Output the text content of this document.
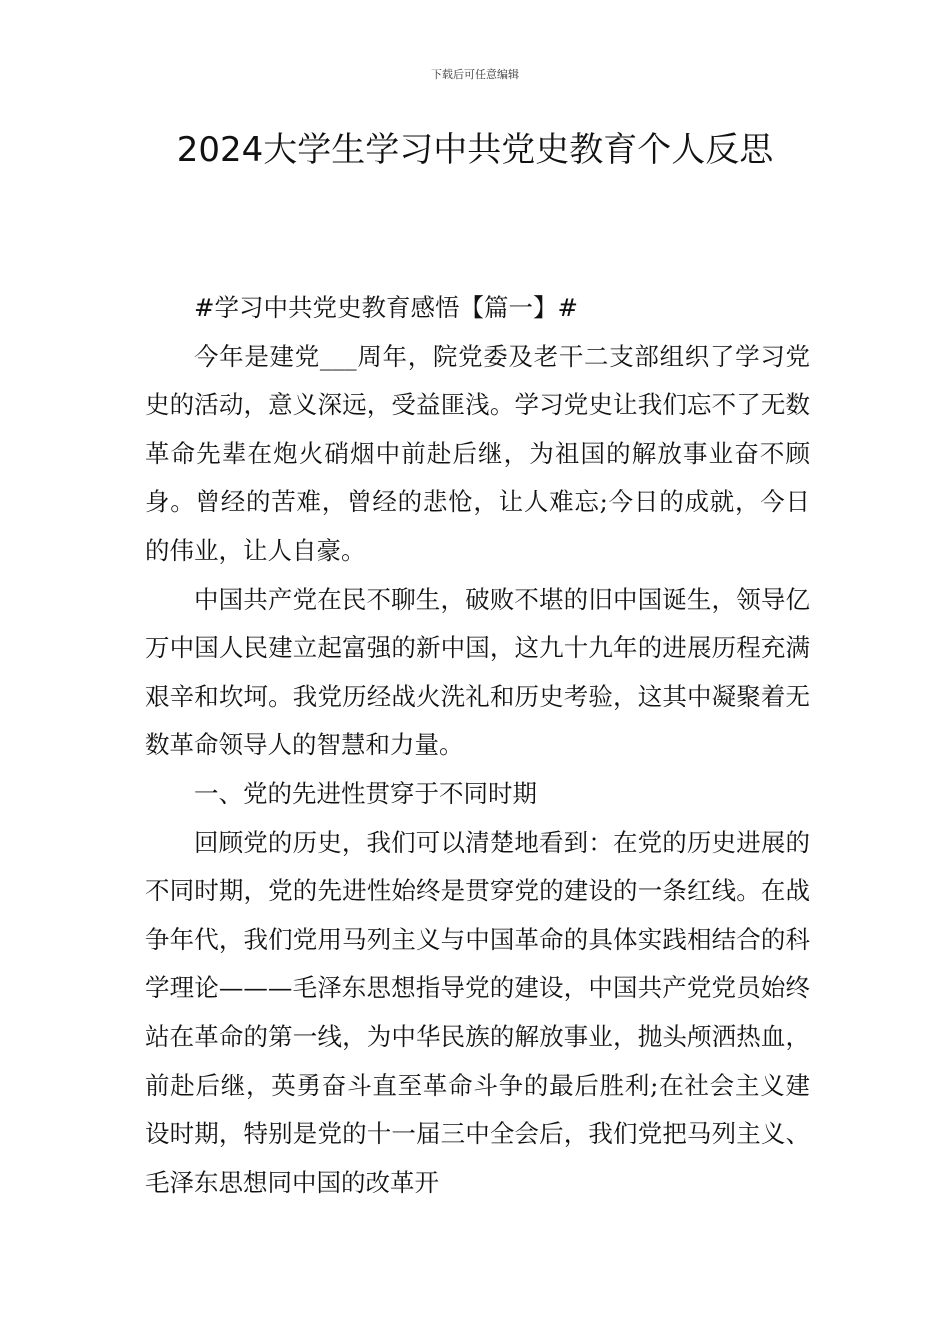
下载后可任意编辑
2024大学生学习中共党史教育个人反思

#学习中共党史教育感悟【篇一】#

今年是建党___周年，院党委及老干二支部组织了学习党史的活动，意义深远，受益匪浅。学习党史让我们忘不了无数革命先辈在炮火硝烟中前赴后继，为祖国的解放事业奋不顾身。曾经的苦难，曾经的悲怆，让人难忘;今日的成就，今日的伟业，让人自豪。

中国共产党在民不聊生，破败不堪的旧中国诞生，领导亿万中国人民建立起富强的新中国，这九十九年的进展历程充满艰辛和坎坷。我党历经战火洗礼和历史考验，这其中凝聚着无数革命领导人的智慧和力量。

一、党的先进性贯穿于不同时期

回顾党的历史，我们可以清楚地看到：在党的历史进展的不同时期，党的先进性始终是贯穿党的建设的一条红线。在战争年代，我们党用马列主义与中国革命的具体实践相结合的科学理论———毛泽东思想指导党的建设，中国共产党党员始终站在革命的第一线，为中华民族的解放事业，抛头颅洒热血，前赴后继，英勇奋斗直至革命斗争的最后胜利;在社会主义建设时期，特别是党的十一届三中全会后，我们党把马列主义、毛泽东思想同中国的改革开
